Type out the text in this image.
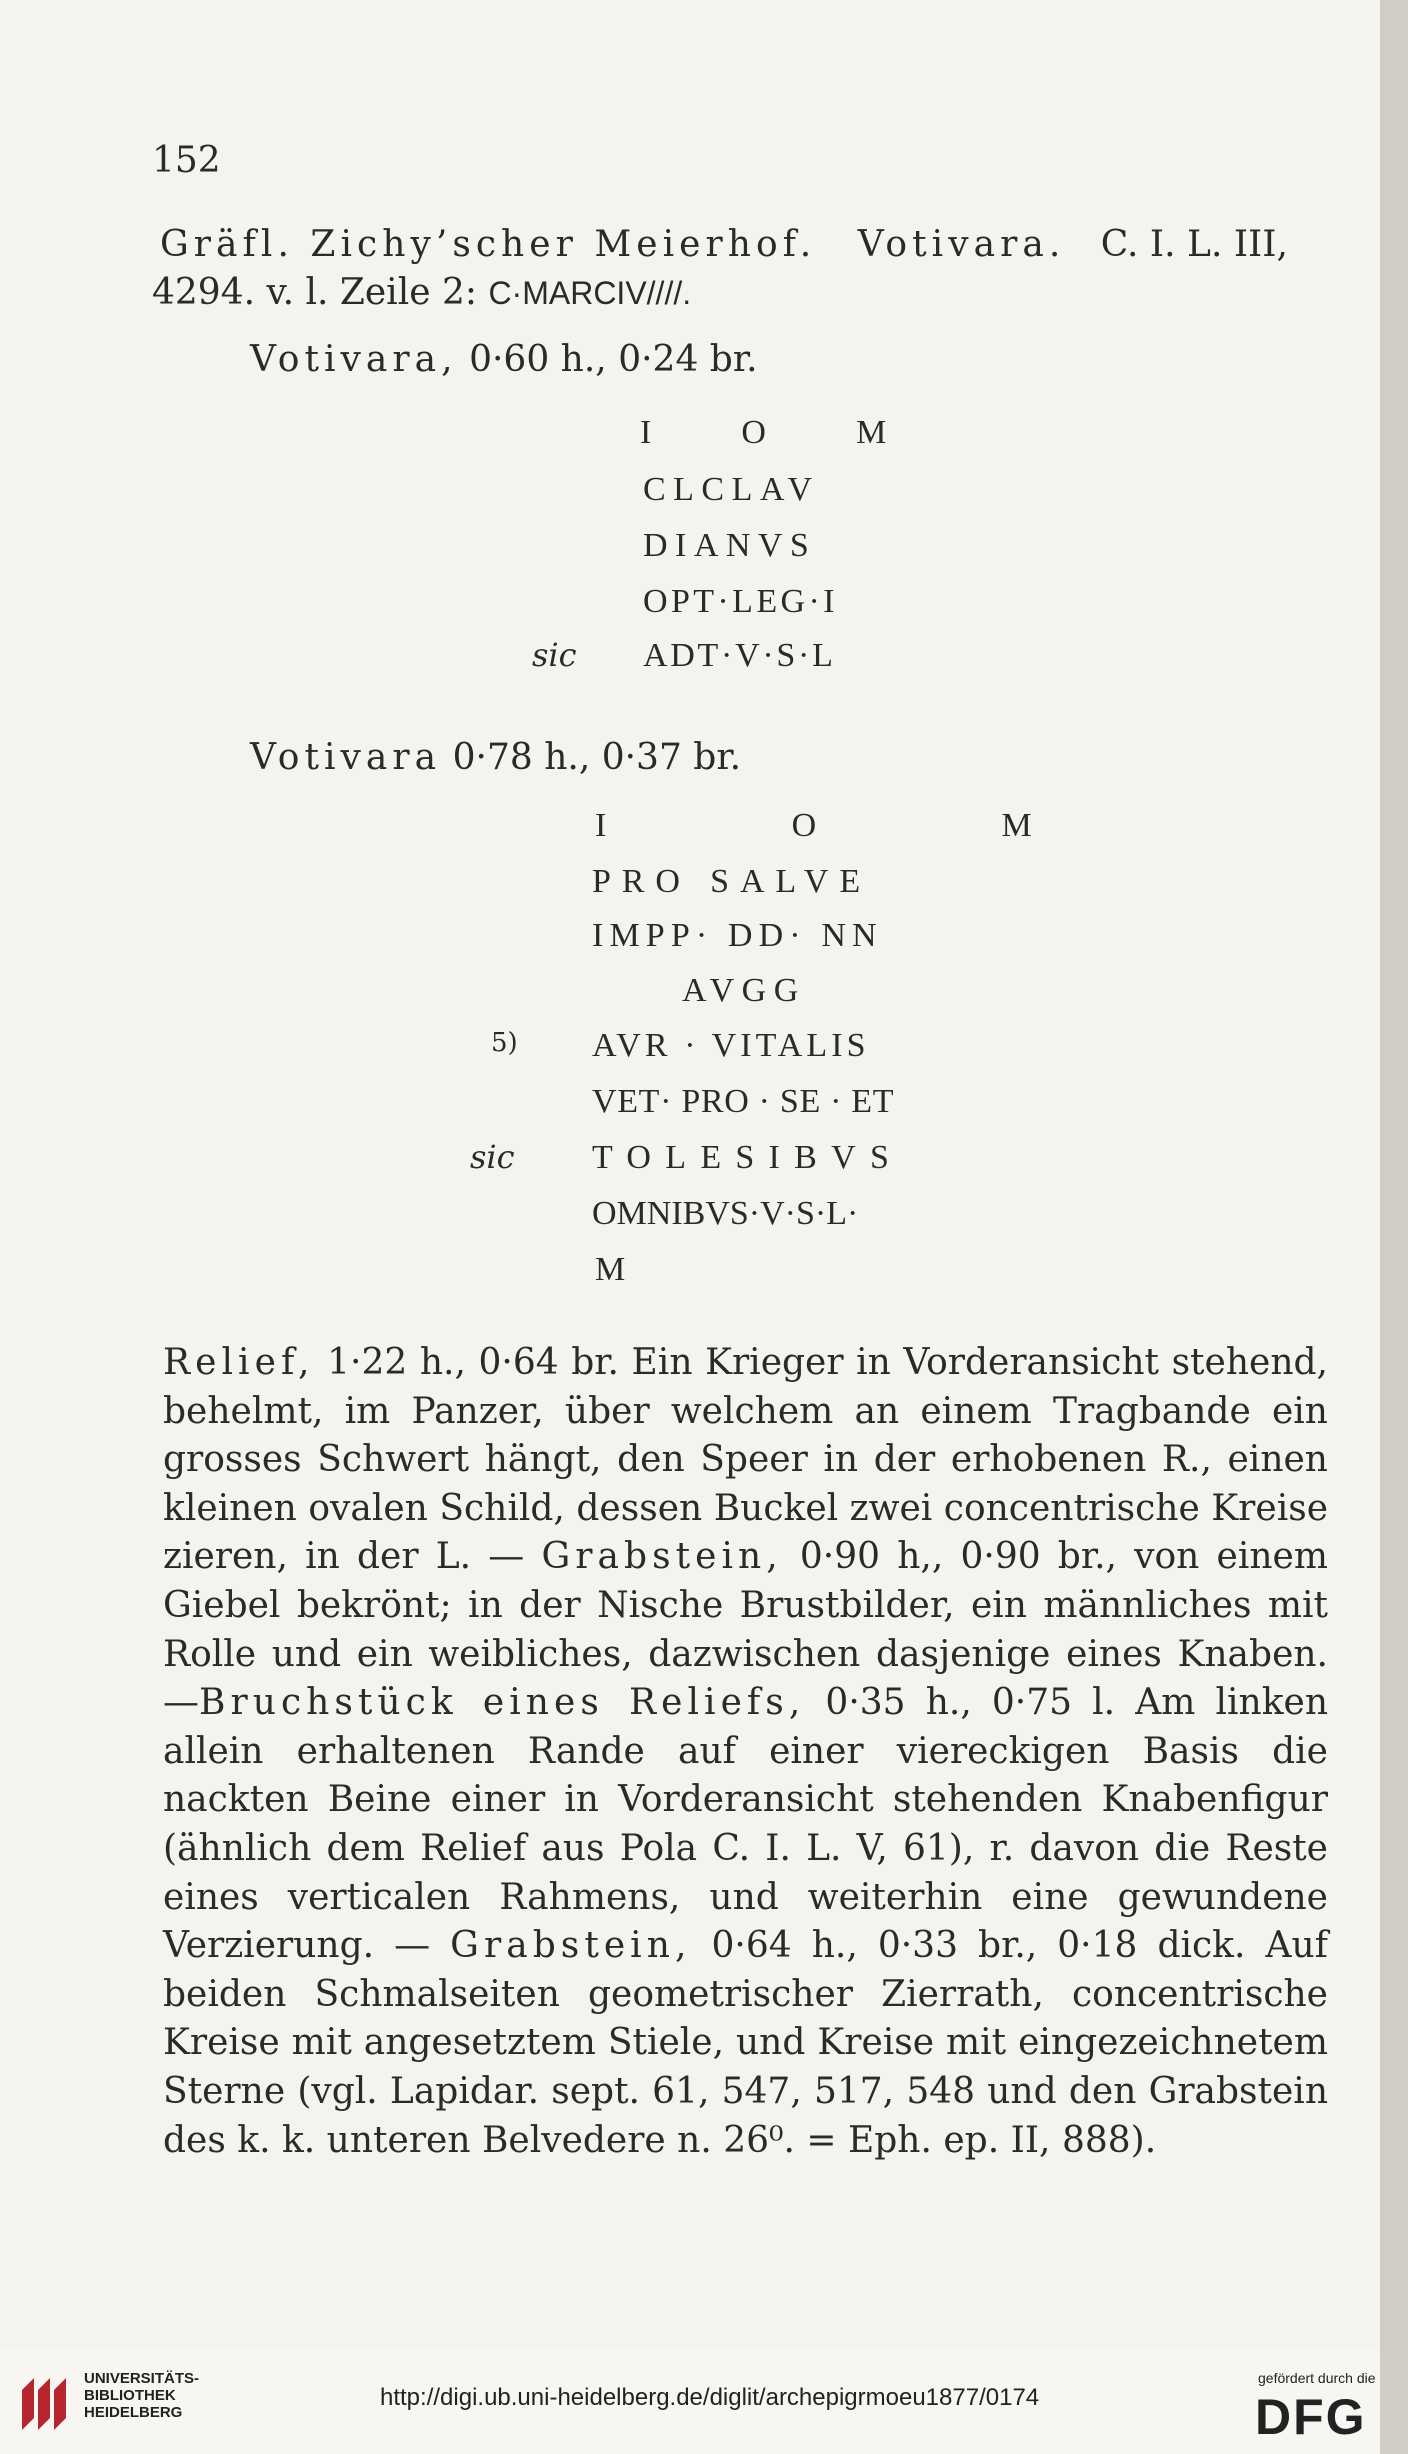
152
Gräfl. Zichy’scher Meierhof. Votivara. C. I. L. III,
4294. v. l. Zeile 2: C·MARCIV////.
Votivara, 0·60 h., 0·24 br.
I O M
CLCLAV
DIANVS
OPT·LEG·I
sic ADT·V·S·L
Votivara 0·78 h., 0·37 br.
I O M
PRO SALVE
IMPP· DD· NN
AVGG
5) AVR · VITALIS
VET· PRO · SE · ET
sic TOLESIBVS
OMNIBVS·V·S·L·
M
Relief, 1·22 h., 0·64 br. Ein Krieger in Vorderansicht stehend, behelmt, im Panzer, über welchem an einem Tragbande ein grosses Schwert hängt, den Speer in der erhobenen R., einen kleinen ovalen Schild, dessen Buckel zwei concentrische Kreise zieren, in der L. — Grabstein, 0·90 h,, 0·90 br., von einem Giebel bekrönt; in der Nische Brustbilder, ein männliches mit Rolle und ein weibliches, dazwischen dasjenige eines Knaben. —Bruchstück eines Reliefs, 0·35 h., 0·75 l. Am linken allein erhaltenen Rande auf einer viereckigen Basis die nackten Beine einer in Vorderansicht stehenden Knabenfigur (ähnlich dem Relief aus Pola C. I. L. V, 61), r. davon die Reste eines verticalen Rahmens, und weiterhin eine gewundene Verzierung. — Grabstein, 0·64 h., 0·33 br., 0·18 dick. Auf beiden Schmalseiten geometrischer Zierrath, concentrische Kreise mit angesetztem Stiele, und Kreise mit eingezeichnetem Sterne (vgl. Lapidar. sept. 61, 547, 517, 548 und den Grabstein des k. k. unteren Belvedere n. 26⁰. = Eph. ep. II, 888).
UNIVERSITÄTS-
BIBLIOTHEK
HEIDELBERG
http://digi.ub.uni-heidelberg.de/diglit/archepigrmoeu1877/0174
gefördert durch die
DFG
